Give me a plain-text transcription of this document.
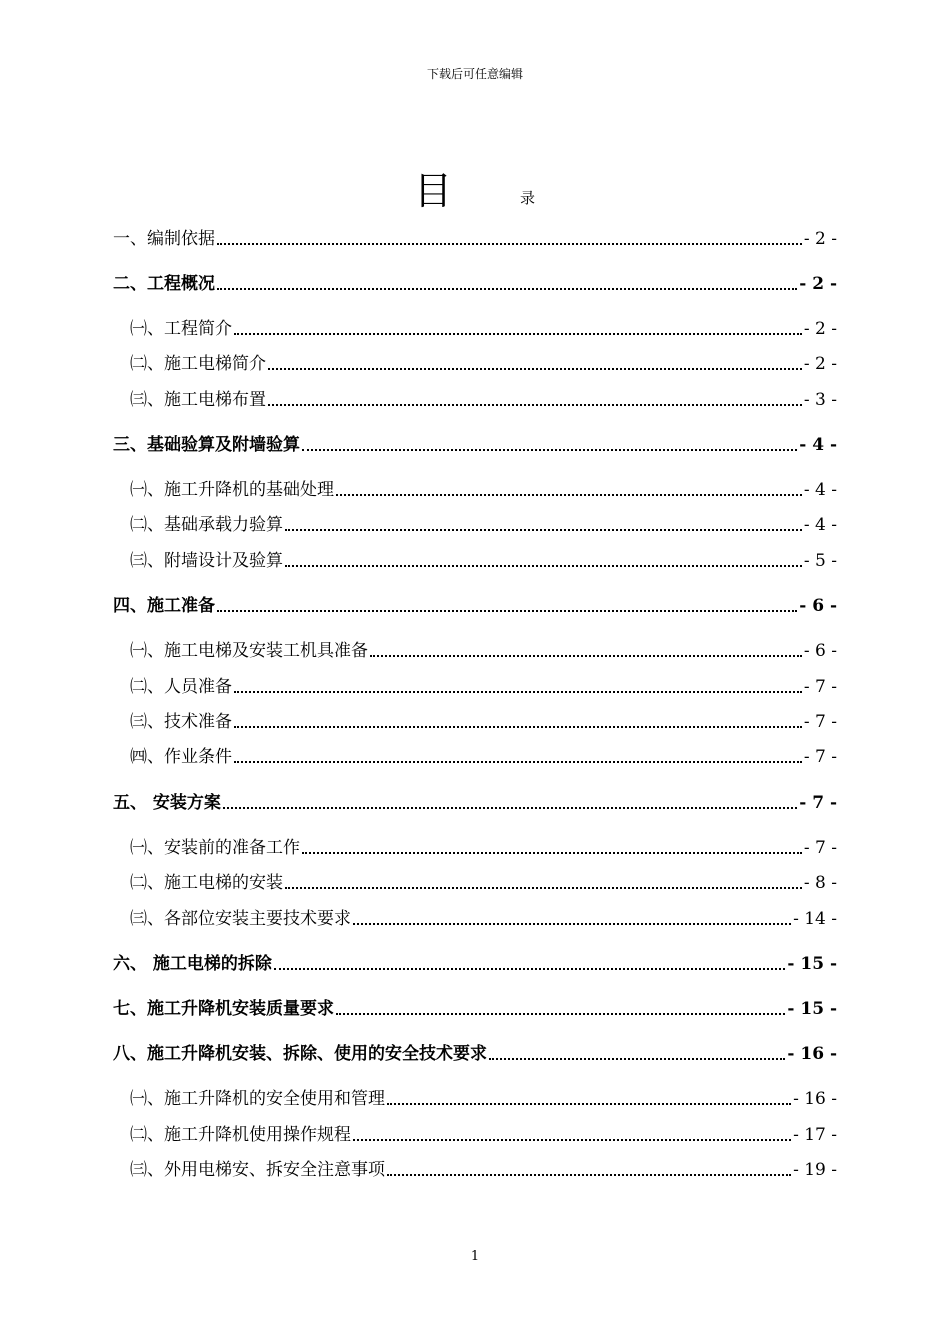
下载后可任意编辑
目	录
一、编制依据	- 2 -
二、工程概况	- 2 -
㈠、工程简介	- 2 -
㈡、施工电梯简介	- 2 -
㈢、施工电梯布置	- 3 -
三、基础验算及附墙验算	- 4 -
㈠、施工升降机的基础处理	- 4 -
㈡、基础承载力验算	- 4 -
㈢、附墙设计及验算	- 5 -
四、施工准备	- 6 -
㈠、施工电梯及安装工机具准备	- 6 -
㈡、人员准备	- 7 -
㈢、技术准备	- 7 -
㈣、作业条件	- 7 -
五、 安装方案	- 7 -
㈠、安装前的准备工作	- 7 -
㈡、施工电梯的安装	- 8 -
㈢、各部位安装主要技术要求	- 14 -
六、 施工电梯的拆除	- 15 -
七、施工升降机安装质量要求	- 15 -
八、施工升降机安装、拆除、使用的安全技术要求	- 16 -
㈠、施工升降机的安全使用和管理	- 16 -
㈡、施工升降机使用操作规程	- 17 -
㈢、外用电梯安、拆安全注意事项	- 19 -
1
